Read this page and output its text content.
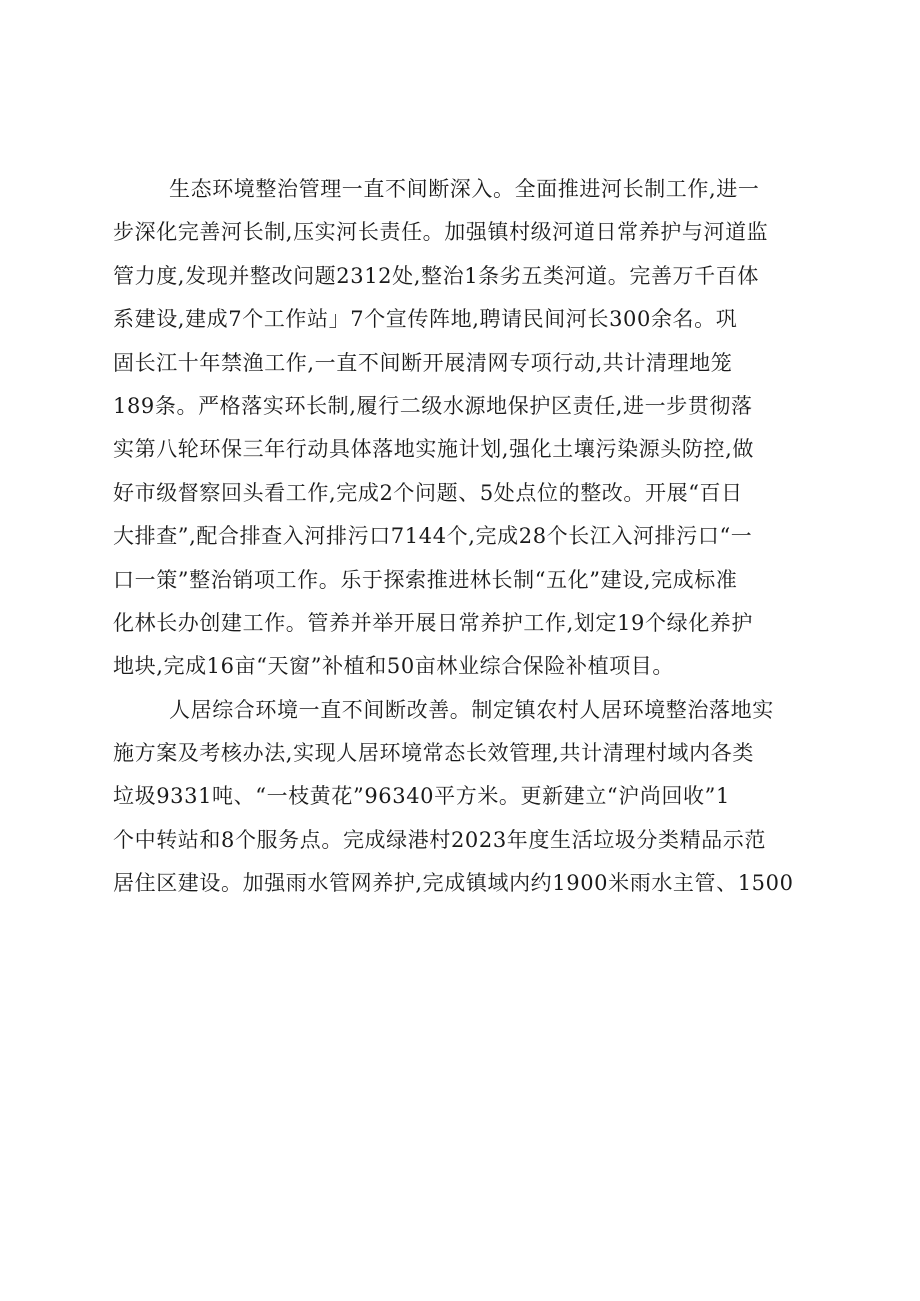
生态环境整治管理一直不间断深入。全面推进河长制工作,进一
步深化完善河长制,压实河长责任。加强镇村级河道日常养护与河道监
管力度,发现并整改问题2312处,整治1条劣五类河道。完善万千百体
系建设,建成7个工作站」7个宣传阵地,聘请民间河长300余名。巩
固长江十年禁渔工作,一直不间断开展清网专项行动,共计清理地笼
189条。严格落实环长制,履行二级水源地保护区责任,进一步贯彻落
实第八轮环保三年行动具体落地实施计划,强化土壤污染源头防控,做
好市级督察回头看工作,完成2个问题、5处点位的整改。开展“百日
大排查”,配合排查入河排污口7144个,完成28个长江入河排污口“一
口一策”整治销项工作。乐于探索推进林长制“五化”建设,完成标准
化林长办创建工作。管养并举开展日常养护工作,划定19个绿化养护
地块,完成16亩“天窗”补植和50亩林业综合保险补植项目。
人居综合环境一直不间断改善。制定镇农村人居环境整治落地实
施方案及考核办法,实现人居环境常态长效管理,共计清理村域内各类
垃圾9331吨、“一枝黄花”96340平方米。更新建立“沪尚回收”1
个中转站和8个服务点。完成绿港村2023年度生活垃圾分类精品示范
居住区建设。加强雨水管网养护,完成镇域内约1900米雨水主管、1500
